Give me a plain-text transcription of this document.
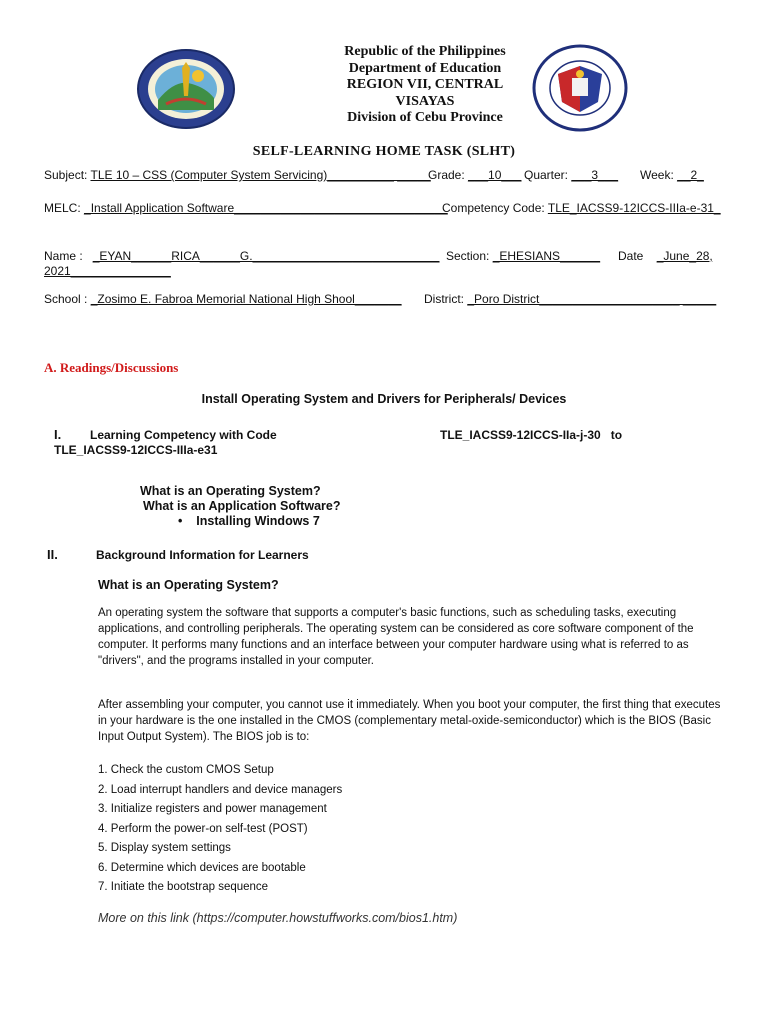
Republic of the Philippines
Department of Education
REGION VII, CENTRAL
VISAYAS
Division of Cebu Province
SELF-LEARNING HOME TASK (SLHT)
Subject: TLE 10 – CSS (Computer System Servicing)__________ _____
Grade: ___10___ Quarter: ___3___ Week: __2_
MELC: _Install Application Software________________________________
Competency Code: TLE_IACSS9-12ICCS-IIIa-e-31_
Name : _EYAN______RICA______G.____________________________ Section: _EHESIANS______ Date _June_28,
2021_______________
School : _Zosimo E. Fabroa Memorial National High Shool_______ District: _Poro District_____________________ _____
A. Readings/Discussions
Install Operating System and Drivers for Peripherals/ Devices
I. Learning Competency with Code	TLE_IACSS9-12ICCS-IIa-j-30   to
TLE_IACSS9-12ICCS-IIIa-e31
What is an Operating System?
What is an Application Software?
• Installing Windows 7
II.	Background Information for Learners
What is an Operating System?
An operating system the software that supports a computer's basic functions, such as scheduling tasks, executing applications, and controlling peripherals. The operating system can be considered as core software component of the computer. It performs many functions and an interface between your computer hardware using what is referred to as "drivers", and the programs installed in your computer.
After assembling your computer, you cannot use it immediately. When you boot your computer, the first thing that executes in your hardware is the one installed in the CMOS (complementary metal-oxide-semiconductor) which is the BIOS (Basic Input Output System). The BIOS job is to:
1. Check the custom CMOS Setup
2. Load interrupt handlers and device managers
3. Initialize registers and power management
4. Perform the power-on self-test (POST)
5. Display system settings
6. Determine which devices are bootable
7. Initiate the bootstrap sequence
More on this link (https://computer.howstuffworks.com/bios1.htm)
